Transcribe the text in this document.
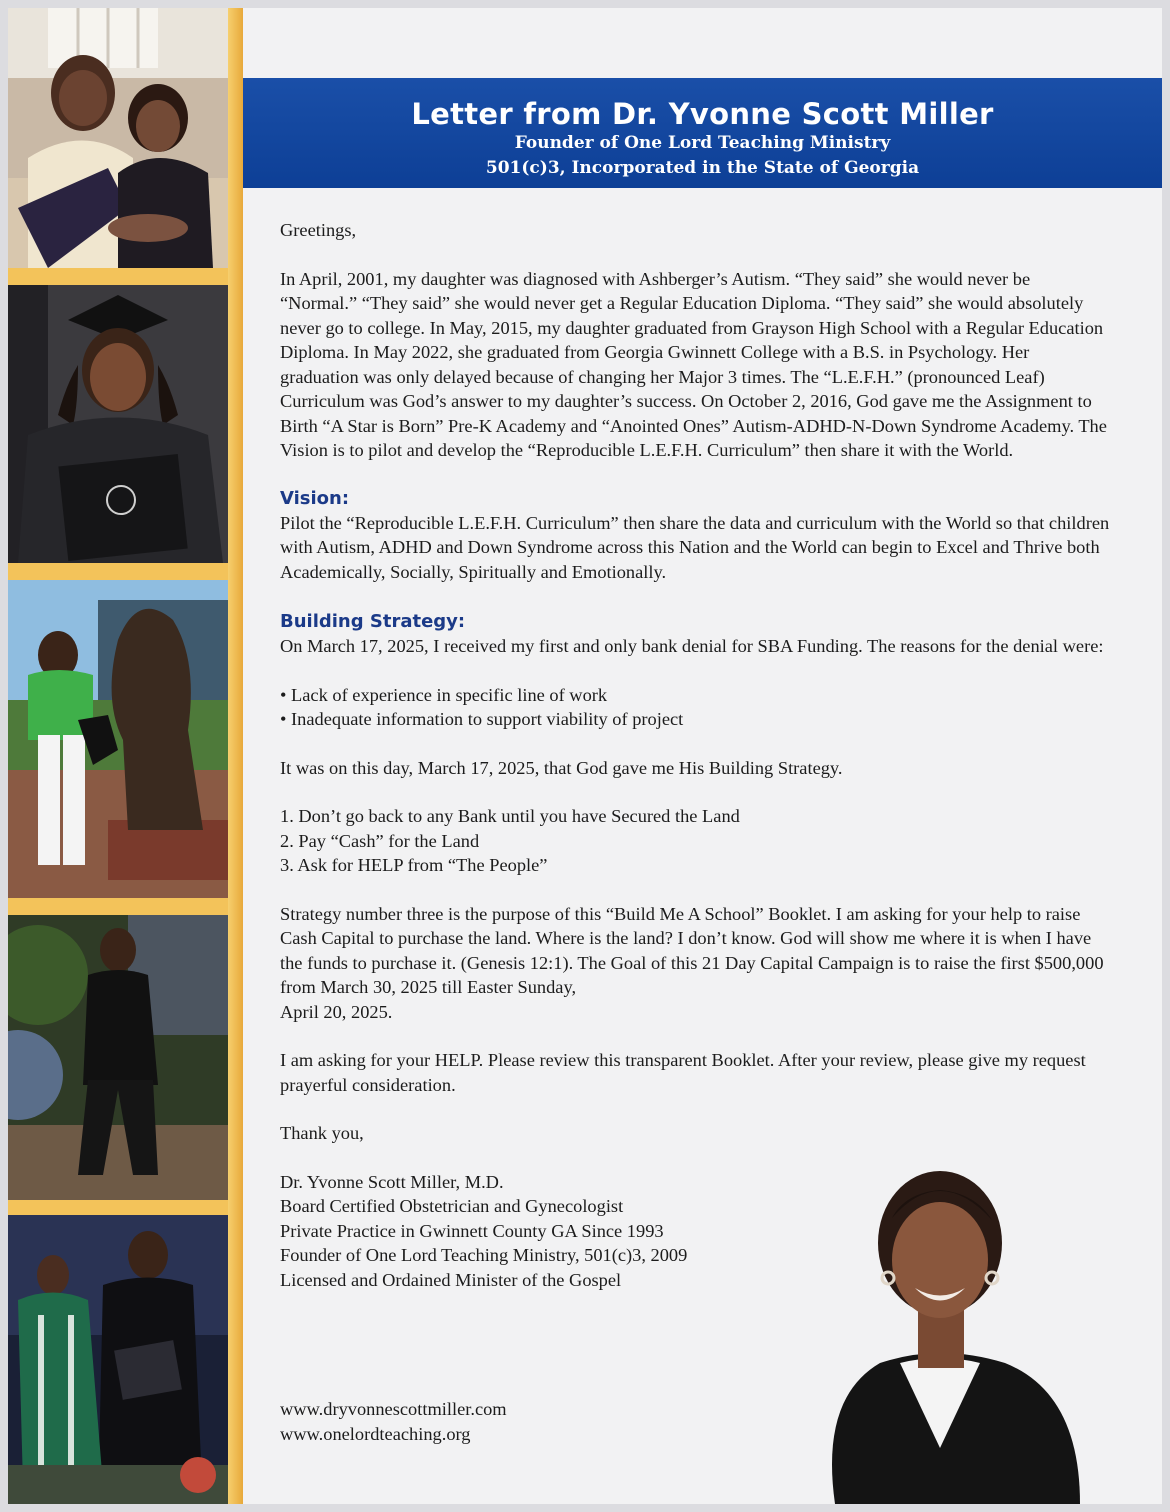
Letter from Dr. Yvonne Scott Miller
Founder of One Lord Teaching Ministry
501(c)3, Incorporated in the State of Georgia

Greetings,

In April, 2001, my daughter was diagnosed with Ashberger’s Autism. “They said” she would never be “Normal.” “They said” she would never get a Regular Education Diploma. “They said” she would absolutely never go to college. In May, 2015, my daughter graduated from Grayson High School with a Regular Education Diploma. In May 2022, she graduated from Georgia Gwinnett College with a B.S. in Psychology. Her graduation was only delayed because of changing her Major 3 times. The “L.E.F.H.” (pronounced Leaf) Curriculum was God’s answer to my daughter’s success. On October 2, 2016, God gave me the Assignment to Birth “A Star is Born” Pre-K Academy and “Anointed Ones” Autism-ADHD-N-Down Syndrome Academy. The Vision is to pilot and develop the “Reproducible L.E.F.H. Curriculum” then share it with the World.

Vision:

Pilot the “Reproducible L.E.F.H. Curriculum” then share the data and curriculum with the World so that children with Autism, ADHD and Down Syndrome across this Nation and the World can begin to Excel and Thrive both Academically, Socially, Spiritually and Emotionally.

Building Strategy:

On March 17, 2025, I received my first and only bank denial for SBA Funding. The reasons for the denial were:

• Lack of experience in specific line of work
• Inadequate information to support viability of project

It was on this day, March 17, 2025, that God gave me His Building Strategy.

1. Don’t go back to any Bank until you have Secured the Land
2. Pay “Cash” for the Land
3. Ask for HELP from “The People”

Strategy number three is the purpose of this “Build Me A School” Booklet. I am asking for your help to raise Cash Capital to purchase the land. Where is the land? I don’t know. God will show me where it is when I have the funds to purchase it. (Genesis 12:1). The Goal of this 21 Day Capital Campaign is to raise the first $500,000 from March 30, 2025 till Easter Sunday,

April 20, 2025.

I am asking for your HELP. Please review this transparent Booklet. After your review, please give my request prayerful consideration.

Thank you,

Dr. Yvonne Scott Miller, M.D.
Board Certified Obstetrician and Gynecologist
Private Practice in Gwinnett County GA Since 1993
Founder of One Lord Teaching Ministry, 501(c)3, 2009
Licensed and Ordained Minister of the Gospel
www.dryvonnescottmiller.com
www.onelordteaching.org
